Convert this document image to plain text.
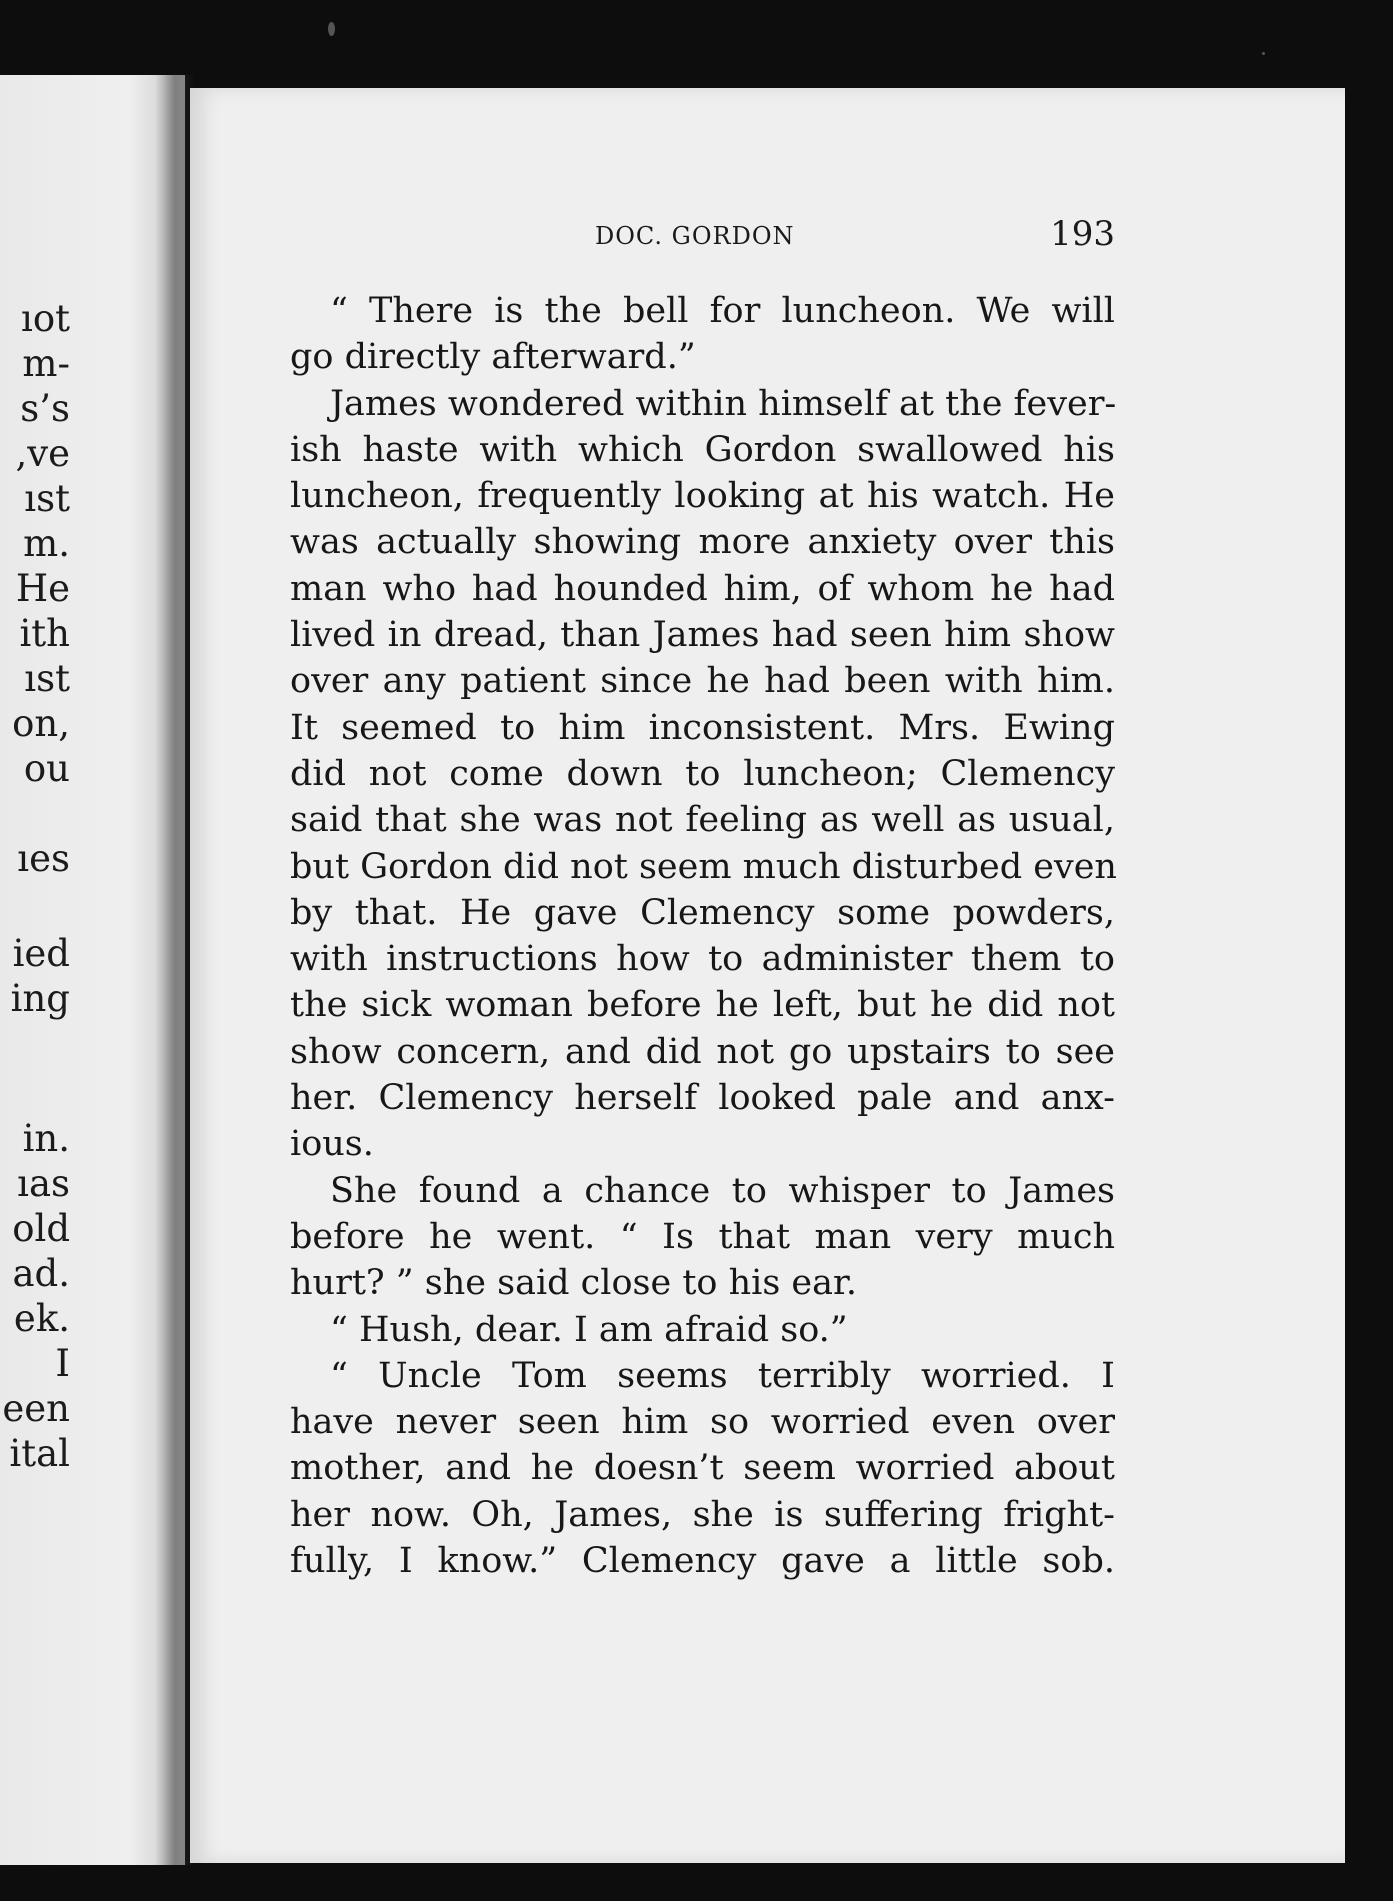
ıot
m-
s’s
,ve
ıst
m.
He
ith
ıst
on,
ou
ıes
ied
ing
in.
ıas
old
ad.
ek.
I
een
ital
DOC. GORDON	193
“ There is the bell for luncheon. We will
go directly afterward.”
James wondered within himself at the fever-
ish haste with which Gordon swallowed his
luncheon, frequently looking at his watch. He
was actually showing more anxiety over this
man who had hounded him, of whom he had
lived in dread, than James had seen him show
over any patient since he had been with him.
It seemed to him inconsistent. Mrs. Ewing
did not come down to luncheon; Clemency
said that she was not feeling as well as usual,
but Gordon did not seem much disturbed even
by that. He gave Clemency some powders,
with instructions how to administer them to
the sick woman before he left, but he did not
show concern, and did not go upstairs to see
her. Clemency herself looked pale and anx-
ious.
She found a chance to whisper to James
before he went. “ Is that man very much
hurt? ” she said close to his ear.
“ Hush, dear. I am afraid so.”
“ Uncle Tom seems terribly worried. I
have never seen him so worried even over
mother, and he doesn’t seem worried about
her now. Oh, James, she is suffering fright-
fully, I know.” Clemency gave a little sob.
